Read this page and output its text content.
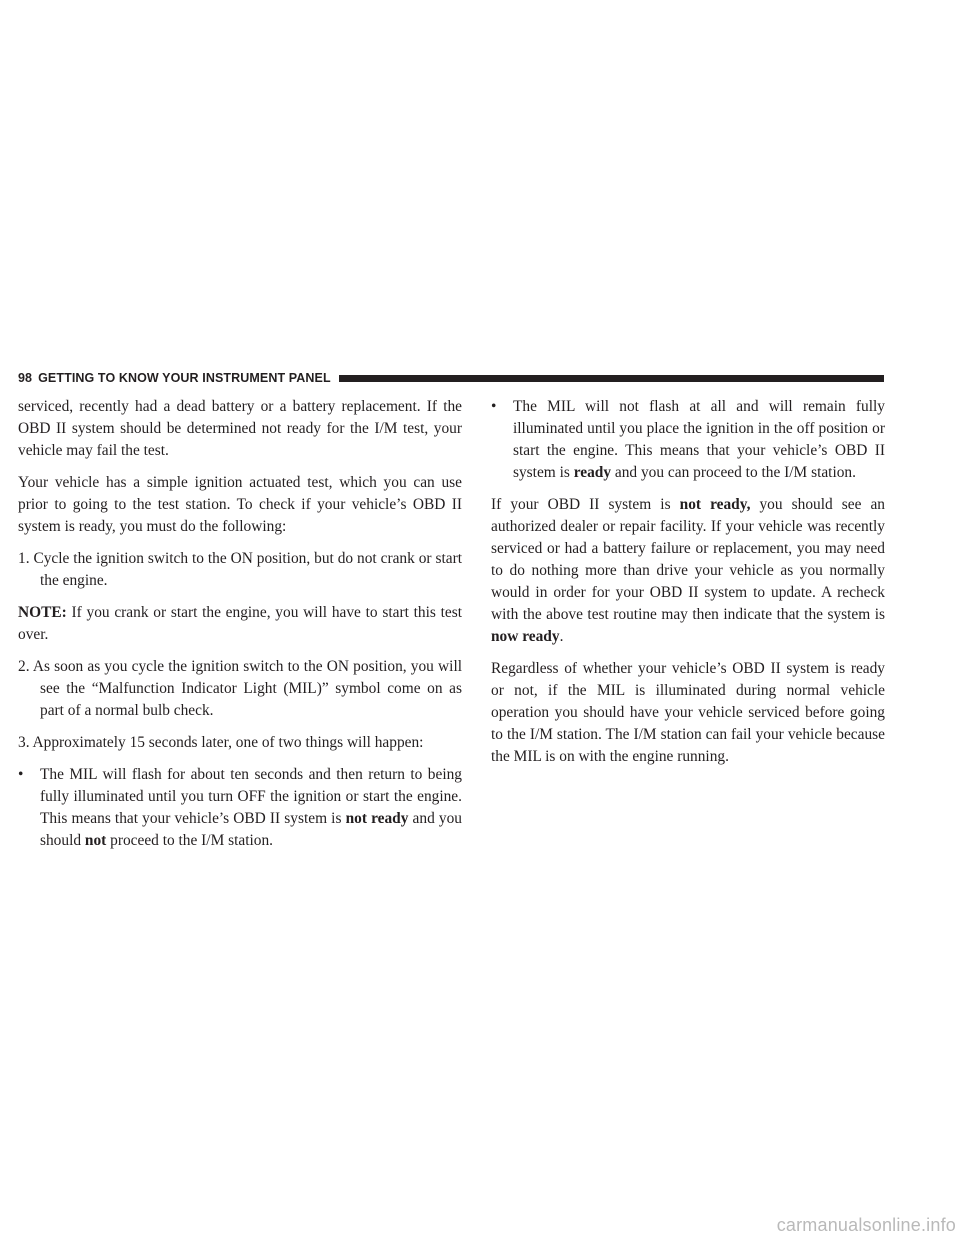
98 GETTING TO KNOW YOUR INSTRUMENT PANEL

serviced, recently had a dead battery or a battery replacement. If the OBD II system should be determined not ready for the I/M test, your vehicle may fail the test.

Your vehicle has a simple ignition actuated test, which you can use prior to going to the test station. To check if your vehicle’s OBD II system is ready, you must do the following:

1. Cycle the ignition switch to the ON position, but do not crank or start the engine.

NOTE: If you crank or start the engine, you will have to start this test over.

2. As soon as you cycle the ignition switch to the ON position, you will see the “Malfunction Indicator Light (MIL)” symbol come on as part of a normal bulb check.

3. Approximately 15 seconds later, one of two things will happen:

• The MIL will flash for about ten seconds and then return to being fully illuminated until you turn OFF the ignition or start the engine. This means that your vehicle’s OBD II system is not ready and you should not proceed to the I/M station.

• The MIL will not flash at all and will remain fully illuminated until you place the ignition in the off position or start the engine. This means that your vehicle’s OBD II system is ready and you can proceed to the I/M station.

If your OBD II system is not ready, you should see an authorized dealer or repair facility. If your vehicle was recently serviced or had a battery failure or replacement, you may need to do nothing more than drive your vehicle as you normally would in order for your OBD II system to update. A recheck with the above test routine may then indicate that the system is now ready.

Regardless of whether your vehicle’s OBD II system is ready or not, if the MIL is illuminated during normal vehicle operation you should have your vehicle serviced before going to the I/M station. The I/M station can fail your vehicle because the MIL is on with the engine running.

carmanualsonline.info
